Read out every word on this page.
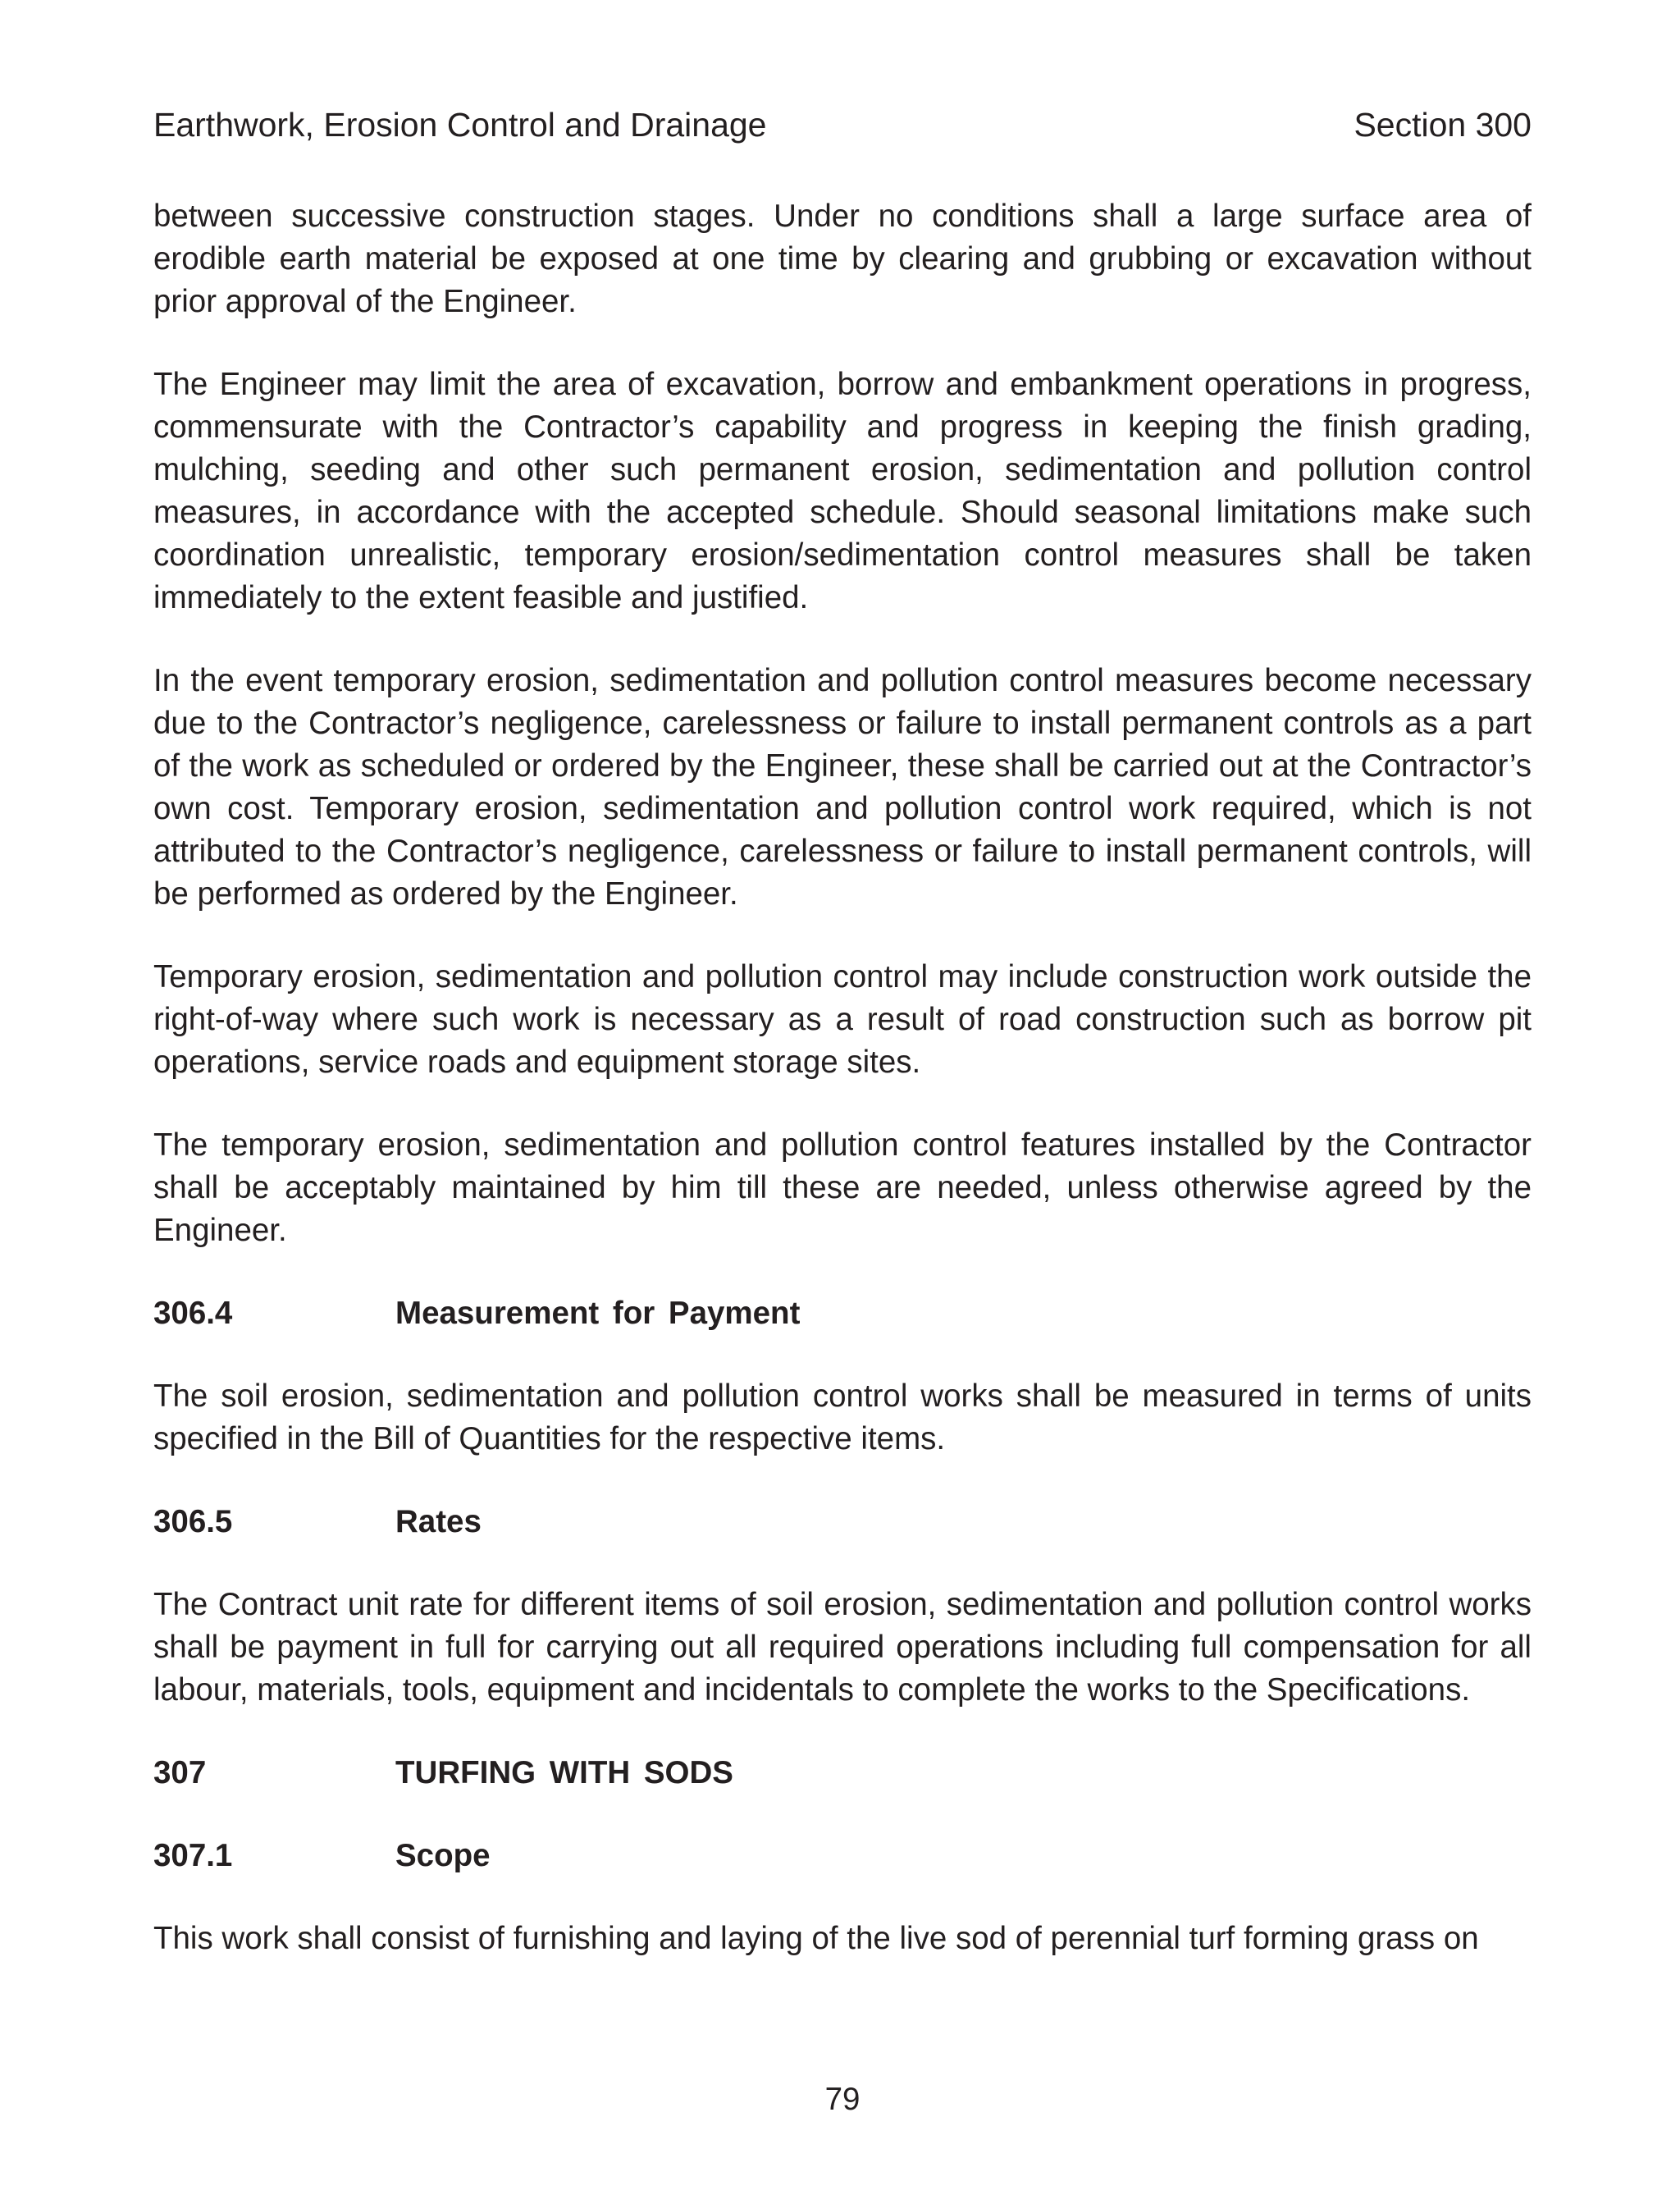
Earthwork, Erosion Control and Drainage	Section 300

between successive construction stages. Under no conditions shall a large surface area of erodible earth material be exposed at one time by clearing and grubbing or excavation without prior approval of the Engineer.

The Engineer may limit the area of excavation, borrow and embankment operations in progress, commensurate with the Contractor’s capability and progress in keeping the finish grading, mulching, seeding and other such permanent erosion, sedimentation and pollution control measures, in accordance with the accepted schedule. Should seasonal limitations make such coordination unrealistic, temporary erosion/sedimentation control measures shall be taken immediately to the extent feasible and justified.

In the event temporary erosion, sedimentation and pollution control measures become necessary due to the Contractor’s negligence, carelessness or failure to install permanent controls as a part of the work as scheduled or ordered by the Engineer, these shall be carried out at the Contractor’s own cost. Temporary erosion, sedimentation and pollution control work required, which is not attributed to the Contractor’s negligence, carelessness or failure to install permanent controls, will be performed as ordered by the Engineer.

Temporary erosion, sedimentation and pollution control may include construction work outside the right-of-way where such work is necessary as a result of road construction such as borrow pit operations, service roads and equipment storage sites.

The temporary erosion, sedimentation and pollution control features installed by the Contractor shall be acceptably maintained by him till these are needed, unless otherwise agreed by the Engineer.

306.4	Measurement for Payment

The soil erosion, sedimentation and pollution control works shall be measured in terms of units specified in the Bill of Quantities for the respective items.

306.5	Rates

The Contract unit rate for different items of soil erosion, sedimentation and pollution control works shall be payment in full for carrying out all required operations including full compensation for all labour, materials, tools, equipment and incidentals to complete the works to the Specifications.

307	TURFING WITH SODS
307.1	Scope

This work shall consist of furnishing and laying of the live sod of perennial turf forming grass on

79
